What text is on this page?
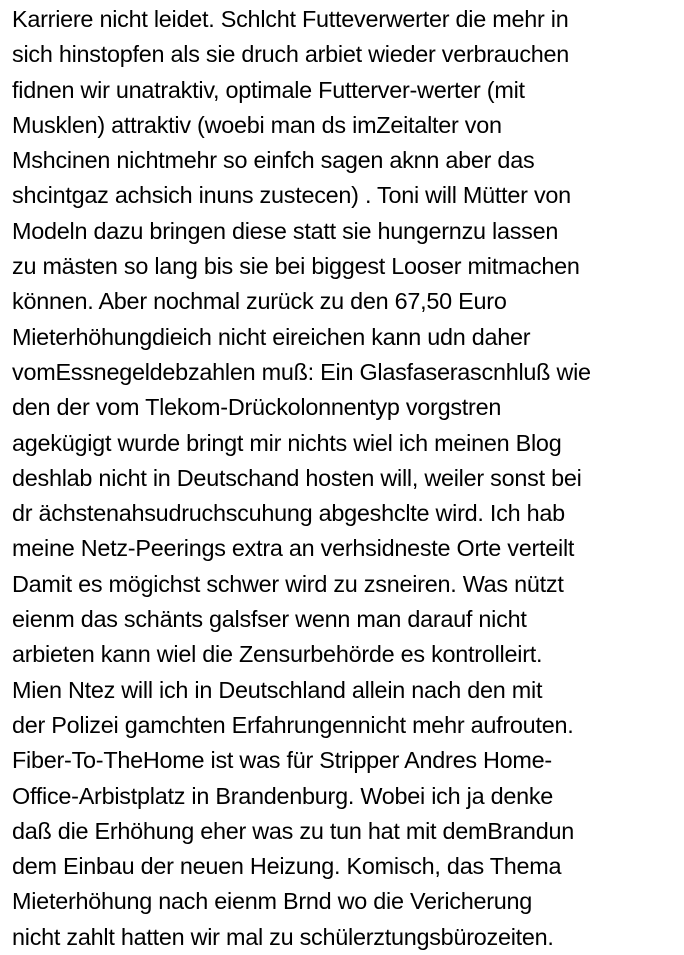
Karriere nicht leidet. Schlcht Futteverwerter die mehr in
sich hinstopfen als sie druch arbiet wieder verbrauchen
fidnen wir unatraktiv, optimale Futterver-werter (mit
Musklen) attraktiv (woebi man ds imZeitalter von
Mshcinen nichtmehr so einfch sagen aknn aber das
shcintgaz achsich inuns zustecen) . Toni will Mütter von
Modeln dazu bringen diese statt sie hungernzu lassen
zu mästen so lang bis sie bei biggest Looser mitmachen
können. Aber nochmal zurück zu den 67,50 Euro
Mieterhöhungdieich nicht eireichen kann udn daher
vomEssnegeldebzahlen muß: Ein Glasfaserascnhluß wie
den der vom Tlekom-Drückolonnentyp vorgstren
agekügigt wurde bringt mir nichts wiel ich meinen Blog
deshlab nicht in Deutschand hosten will, weiler sonst bei
dr ächstenahsudruchscuhung abgeshclte wird. Ich hab
meine Netz-Peerings extra an verhsidneste Orte verteilt
Damit es mögichst schwer wird zu zsneiren. Was nützt
eienm das schänts galsfser wenn man darauf nicht
arbieten kann wiel die Zensurbehörde es kontrolleirt.
Mien Ntez will ich in Deutschland allein nach den mit
der Polizei gamchten Erfahrungennicht mehr aufrouten.
Fiber-To-TheHome ist was für Stripper Andres Home-
Office-Arbistplatz in Brandenburg. Wobei ich ja denke
daß die Erhöhung eher was zu tun hat mit demBrandun
dem Einbau der neuen Heizung. Komisch, das Thema
Mieterhöhung nach eienm Brnd wo die Vericherung
nicht zahlt hatten wir mal zu schülerztungsbürozeiten.
